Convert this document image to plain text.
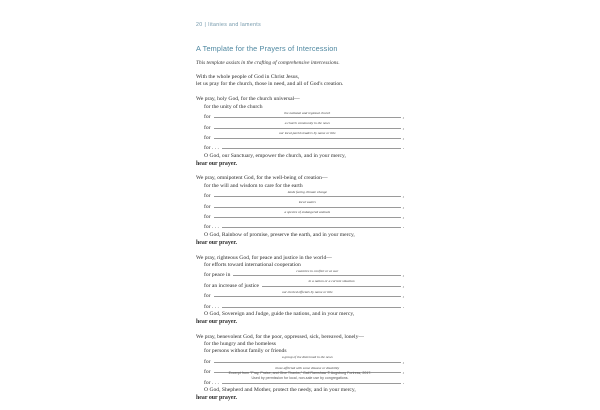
20 | litanies and laments
A Template for the Prayers of Intercession
This template assists in the crafting of comprehensive intercessions.
With the whole people of God in Christ Jesus,
let us pray for the church, those in need, and all of God's creation.
We pray, holy God, for the church universal—
for the unity of the church
for
the national and regional church
,
for
a church community in the news
,
for
our local parish leaders by name or title
,
for . . .	.
O God, our Sanctuary, empower the church, and in your mercy,
hear our prayer.
We pray, omnipotent God, for the well-being of creation—
for the will and wisdom to care for the earth
for
lands facing climate change
,
for
local waters
,
for
a species of endangered animals
,
for . . .	.
O God, Rainbow of promise, preserve the earth, and in your mercy,
hear our prayer.
We pray, righteous God, for peace and justice in the world—
for efforts toward international cooperation
for peace in
countries in conflict or at war
,
for an increase of justice
in a nation or a current situation
,
for
our elected officials by name or title
,
for . . .	.
O God, Sovereign and Judge, guide the nations, and in your mercy,
hear our prayer.
We pray, benevolent God, for the poor, oppressed, sick, bereaved, lonely—
for the hungry and the homeless
for persons without family or friends
for
a group of the distressed in the news
,
for
those afflicted with some disease or disability
,
for . . .	.
O God, Shepherd and Mother, protect the needy, and in your mercy,
hear our prayer.
Excerpt from "Pray, Praise, and Give Thanks," Gail Ramshaw © Augsburg Fortress, 2017.
Used by permission for local, non-sale use by congregations.
